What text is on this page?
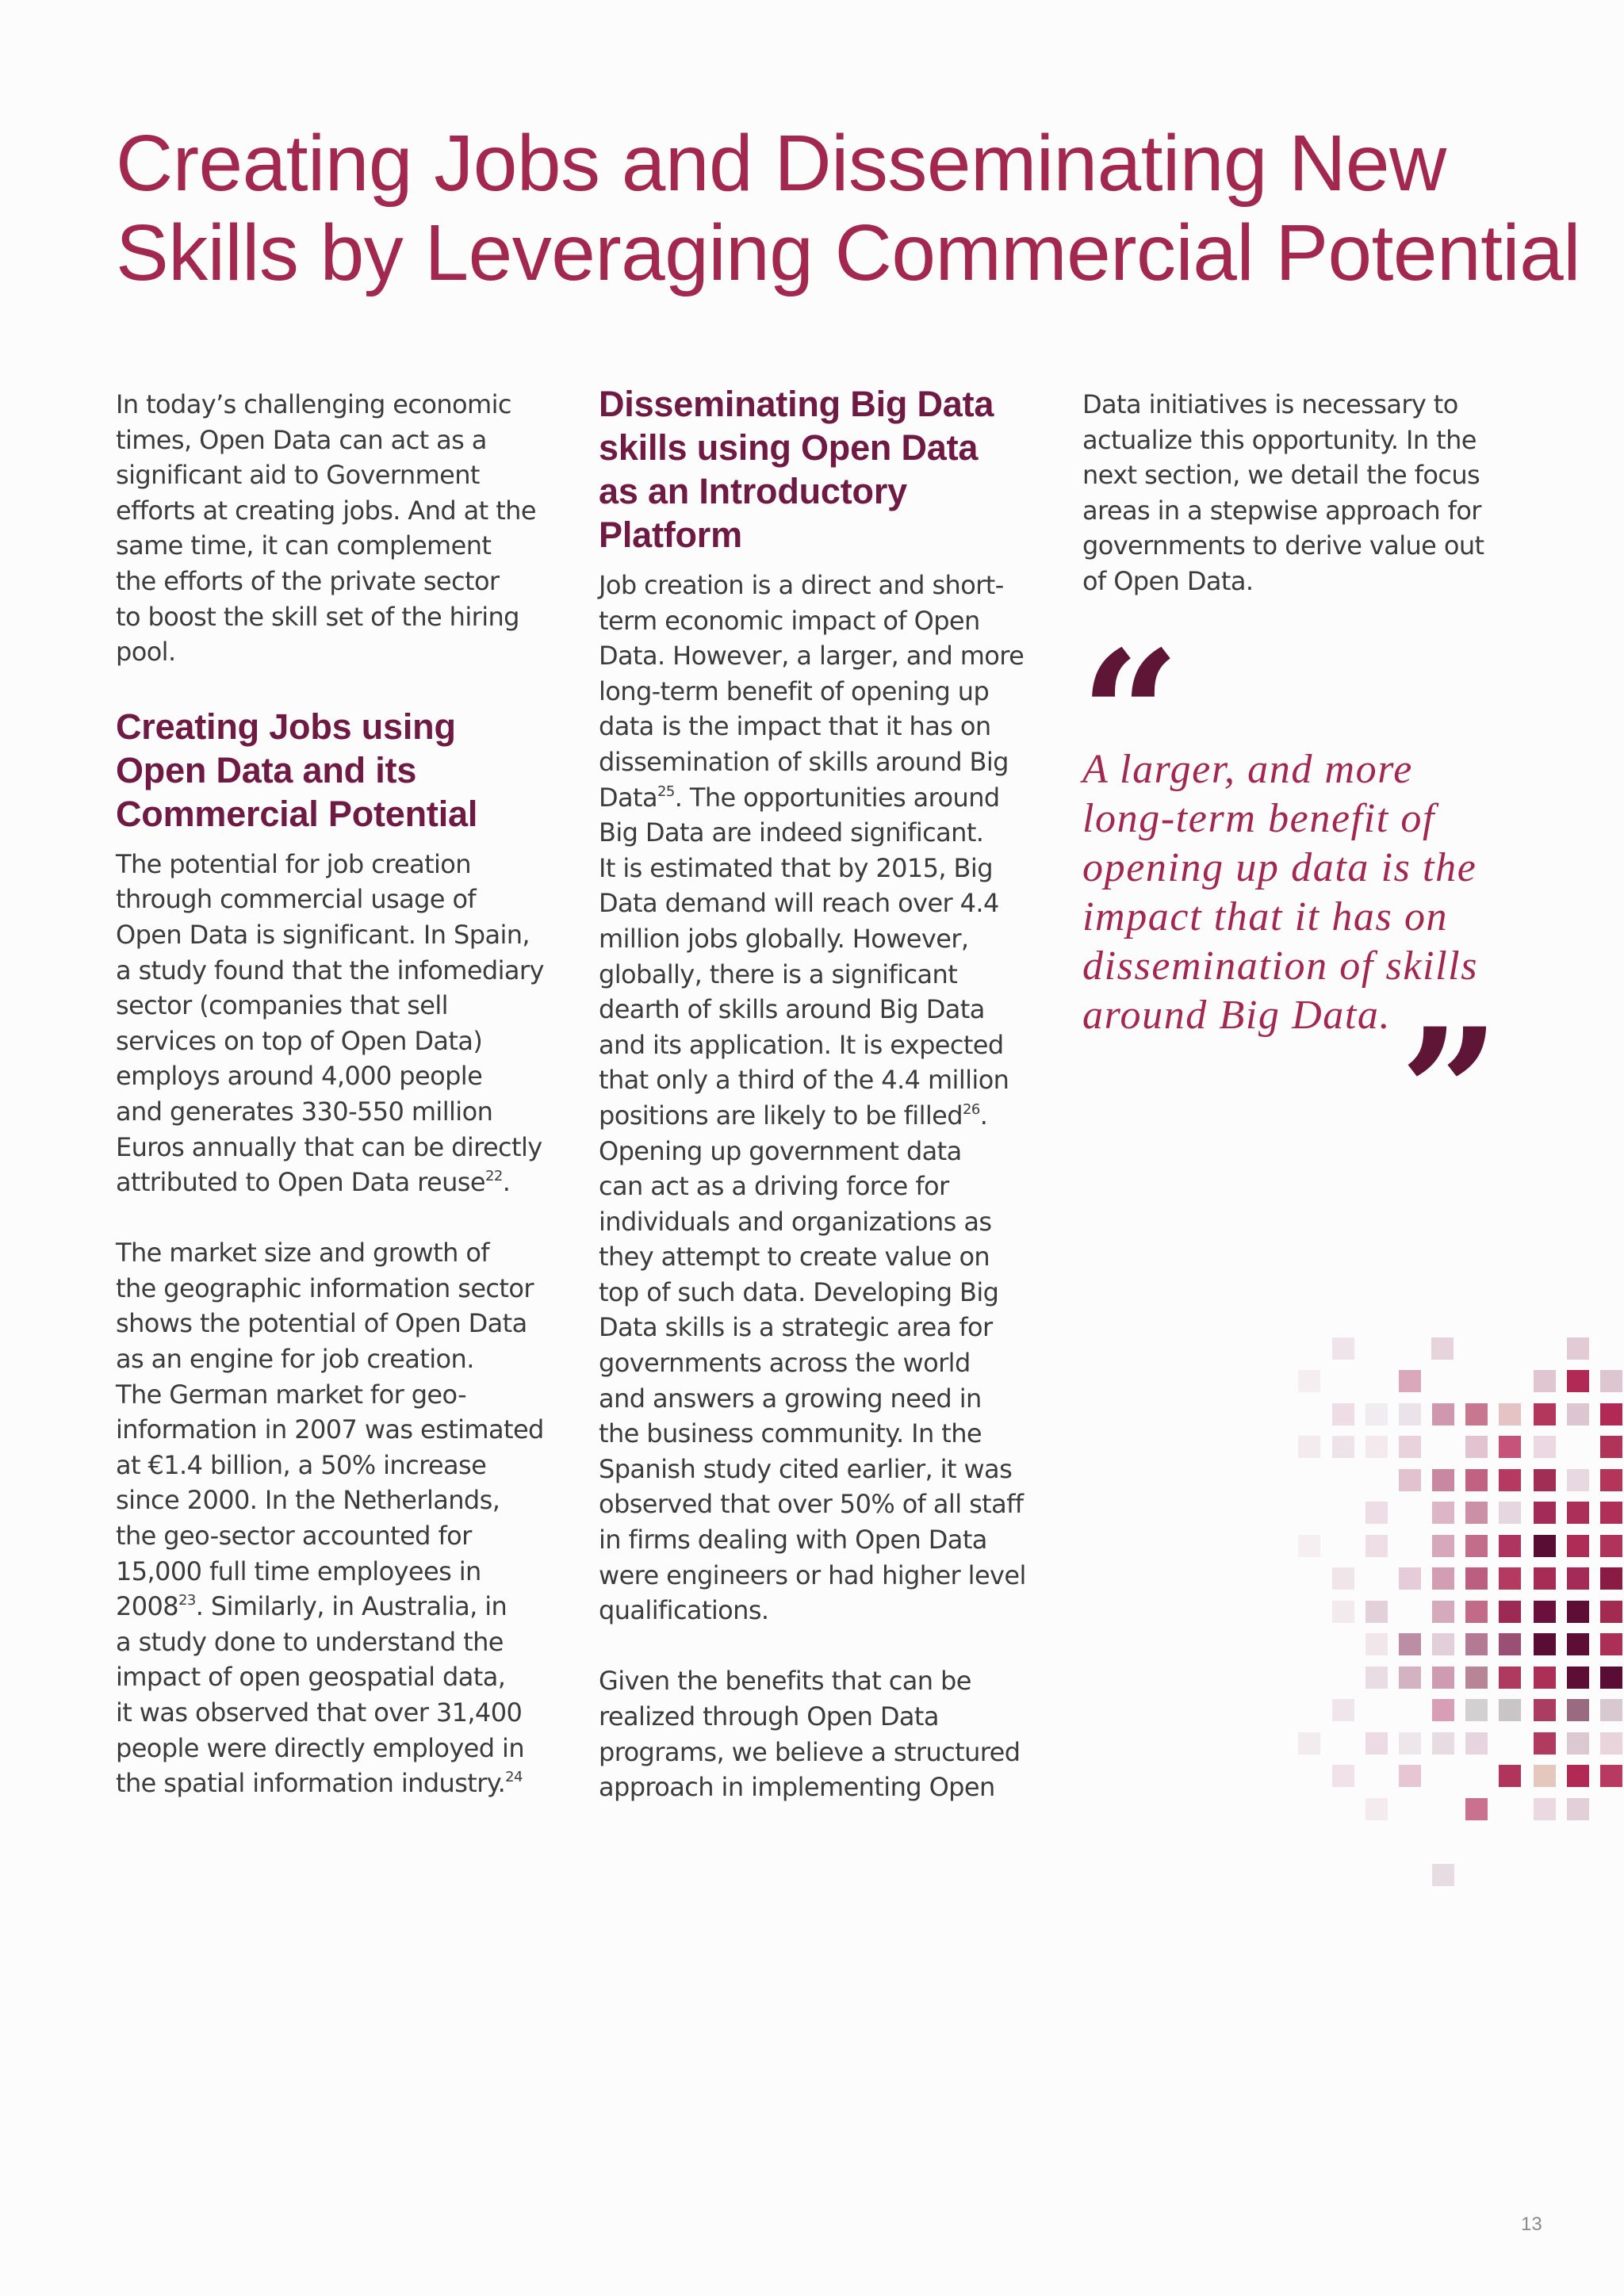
Creating Jobs and Disseminating New
Skills by Leveraging Commercial Potential

In today’s challenging economic
times, Open Data can act as a
significant aid to Government
efforts at creating jobs. And at the
same time, it can complement
the efforts of the private sector
to boost the skill set of the hiring
pool.

Creating Jobs using
Open Data and its
Commercial Potential

The potential for job creation
through commercial usage of
Open Data is significant. In Spain,
a study found that the infomediary
sector (companies that sell
services on top of Open Data)
employs around 4,000 people
and generates 330-550 million
Euros annually that can be directly
attributed to Open Data reuse$^{22}$.

The market size and growth of
the geographic information sector
shows the potential of Open Data
as an engine for job creation.
The German market for geo-
information in 2007 was estimated
at €1.4 billion, a 50% increase
since 2000. In the Netherlands,
the geo-sector accounted for
15,000 full time employees in
2008$^{23}$. Similarly, in Australia, in
a study done to understand the
impact of open geospatial data,
it was observed that over 31,400
people were directly employed in
the spatial information industry.$^{24}$

Disseminating Big Data
skills using Open Data
as an Introductory
Platform

Job creation is a direct and short-
term economic impact of Open
Data. However, a larger, and more
long-term benefit of opening up
data is the impact that it has on
dissemination of skills around Big
Data$^{25}$. The opportunities around
Big Data are indeed significant.
It is estimated that by 2015, Big
Data demand will reach over 4.4
million jobs globally. However,
globally, there is a significant
dearth of skills around Big Data
and its application. It is expected
that only a third of the 4.4 million
positions are likely to be filled$^{26}$.
Opening up government data
can act as a driving force for
individuals and organizations as
they attempt to create value on
top of such data. Developing Big
Data skills is a strategic area for
governments across the world
and answers a growing need in
the business community. In the
Spanish study cited earlier, it was
observed that over 50% of all staff
in firms dealing with Open Data
were engineers or had higher level
qualifications.

Given the benefits that can be
realized through Open Data
programs, we believe a structured
approach in implementing Open

Data initiatives is necessary to
actualize this opportunity. In the
next section, we detail the focus
areas in a stepwise approach for
governments to derive value out
of Open Data.

“

A larger, and more
long-term benefit of
opening up data is the
impact that it has on
dissemination of skills
around Big Data. ”
13
